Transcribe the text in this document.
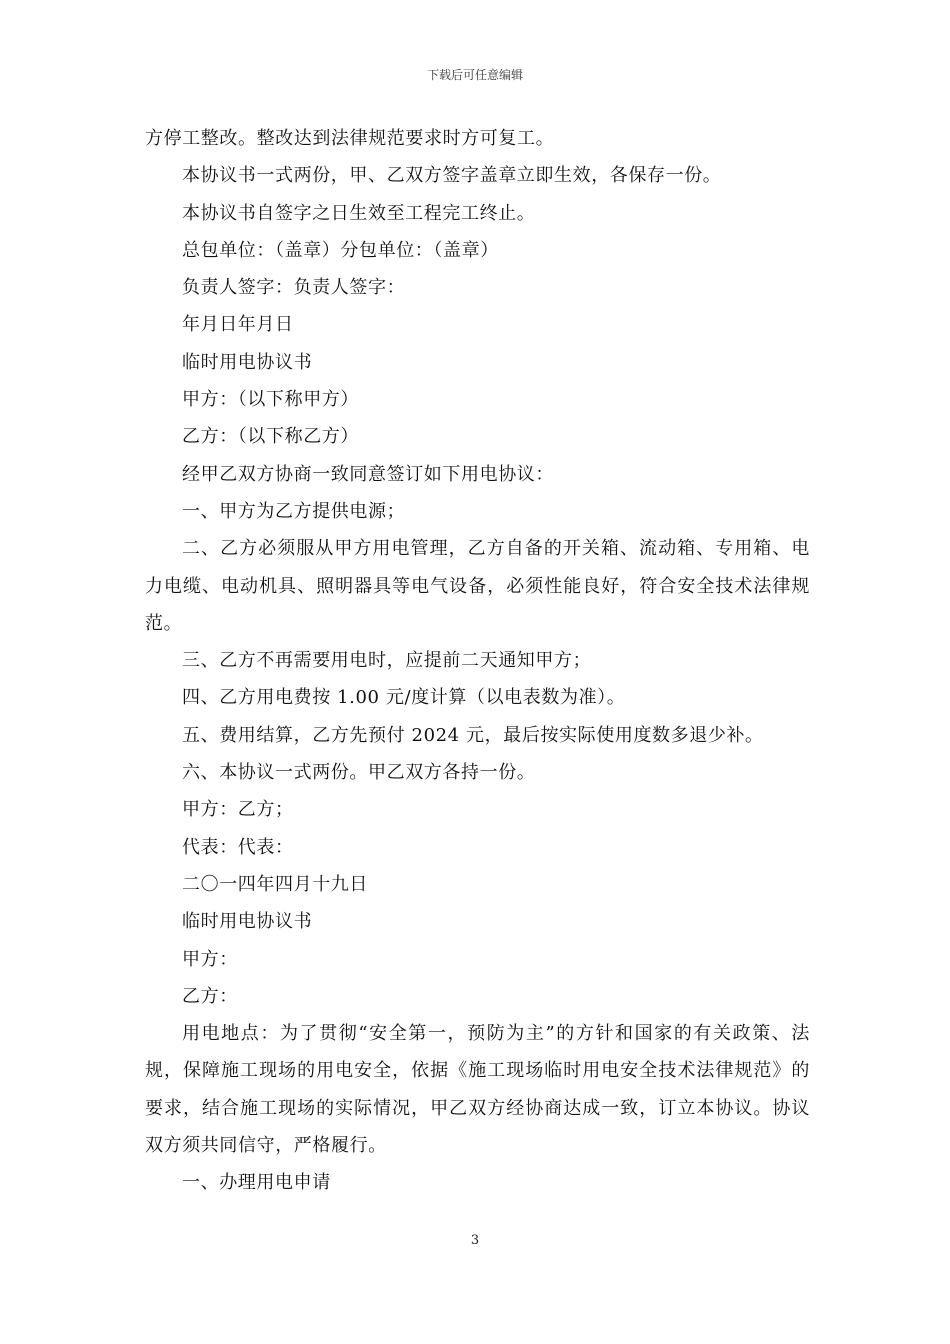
下载后可任意编辑

方停工整改。整改达到法律规范要求时方可复工。

本协议书一式两份，甲、乙双方签字盖章立即生效，各保存一份。

本协议书自签字之日生效至工程完工终止。

总包单位：（盖章）分包单位：（盖章）

负责人签字：负责人签字：

年月日年月日

临时用电协议书

甲方：（以下称甲方）

乙方：（以下称乙方）

经甲乙双方协商一致同意签订如下用电协议：

一、甲方为乙方提供电源；

二、乙方必须服从甲方用电管理，乙方自备的开关箱、流动箱、专用箱、电力电缆、电动机具、照明器具等电气设备，必须性能良好，符合安全技术法律规范。

三、乙方不再需要用电时，应提前二天通知甲方；

四、乙方用电费按 1.00 元/度计算（以电表数为准）。

五、费用结算，乙方先预付 2024 元，最后按实际使用度数多退少补。

六、本协议一式两份。甲乙双方各持一份。

甲方：乙方；

代表：代表：

二〇一四年四月十九日

临时用电协议书

甲方：

乙方：

用电地点：为了贯彻“安全第一，预防为主”的方针和国家的有关政策、法规，保障施工现场的用电安全，依据《施工现场临时用电安全技术法律规范》的要求，结合施工现场的实际情况，甲乙双方经协商达成一致，订立本协议。协议双方须共同信守，严格履行。

一、办理用电申请

3
